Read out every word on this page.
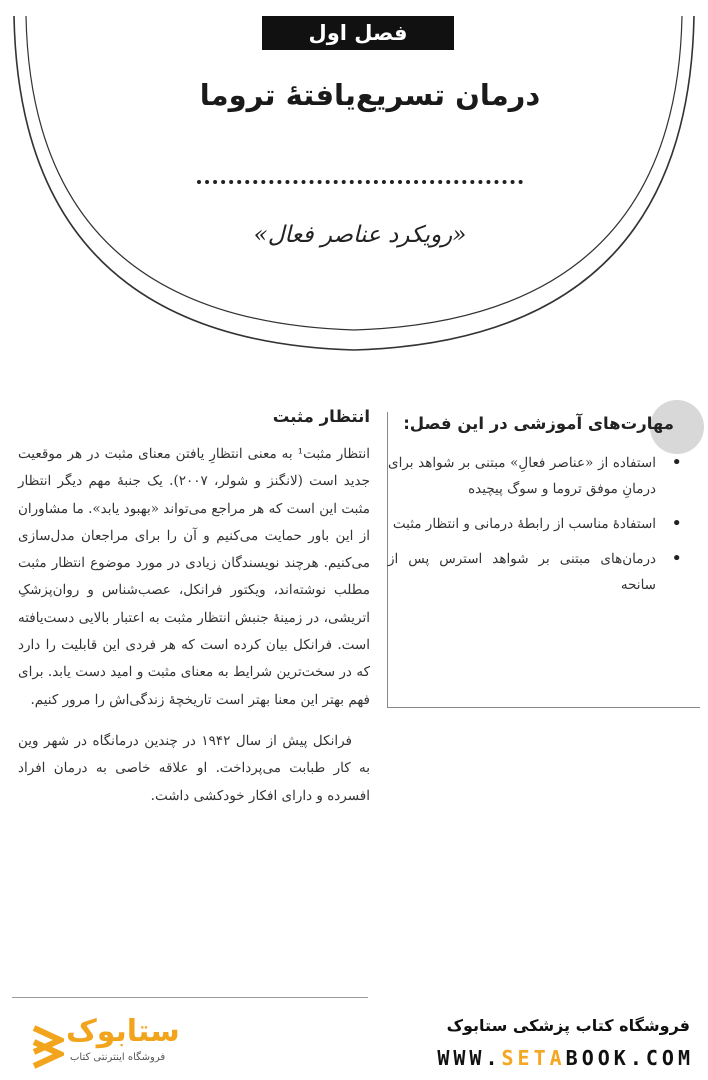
فصل اول
درمان تسریع‌یافتۀ تروما
«رویکرد عناصر فعال»
مهارت‌های آموزشی در این فصل:
• استفاده از «عناصر فعالِ» مبتنی بر شواهد برای درمانِ موفق تروما و سوگ پیچیده
• استفادۀ مناسب از رابطۀ درمانی و انتظار مثبت
• درمان‌های مبتنی بر شواهد استرس پس از سانحه
انتظار مثبت

انتظار مثبت¹ به معنی انتظارِ یافتن معنای مثبت در هر موقعیت جدید است (لانگنز و شولر، ۲۰۰۷). یک جنبۀ مهم دیگر انتظار مثبت این است که هر مراجع می‌تواند «بهبود یابد». ما مشاوران از این باور حمایت می‌کنیم و آن را برای مراجعان مدل‌سازی می‌کنیم. هرچند نویسندگان زیادی در مورد موضوع انتظار مثبت مطلب نوشته‌اند، ویکتور فرانکل، عصب‌شناس و روان‌پزشکِ اتریشی، در زمینۀ جنبش انتظار مثبت به اعتبار بالایی دست‌یافته است. فرانکل بیان کرده است که هر فردی این قابلیت را دارد که در سخت‌ترین شرایط به معنای مثبت و امید دست یابد. برای فهم بهتر این معنا بهتر است تاریخچۀ زندگی‌اش را مرور کنیم.

فرانکل پیش از سال ۱۹۴۲ در چندین درمانگاه در شهر وین به کار طبابت می‌پرداخت. او علاقه خاصی به درمان افراد افسرده و دارای افکار خودکشی داشت.

ستابوک
فروشگاه اینترنتی کتاب
فروشگاه کتاب پزشکی ستابوک
WWW.SETABOOK.COM
